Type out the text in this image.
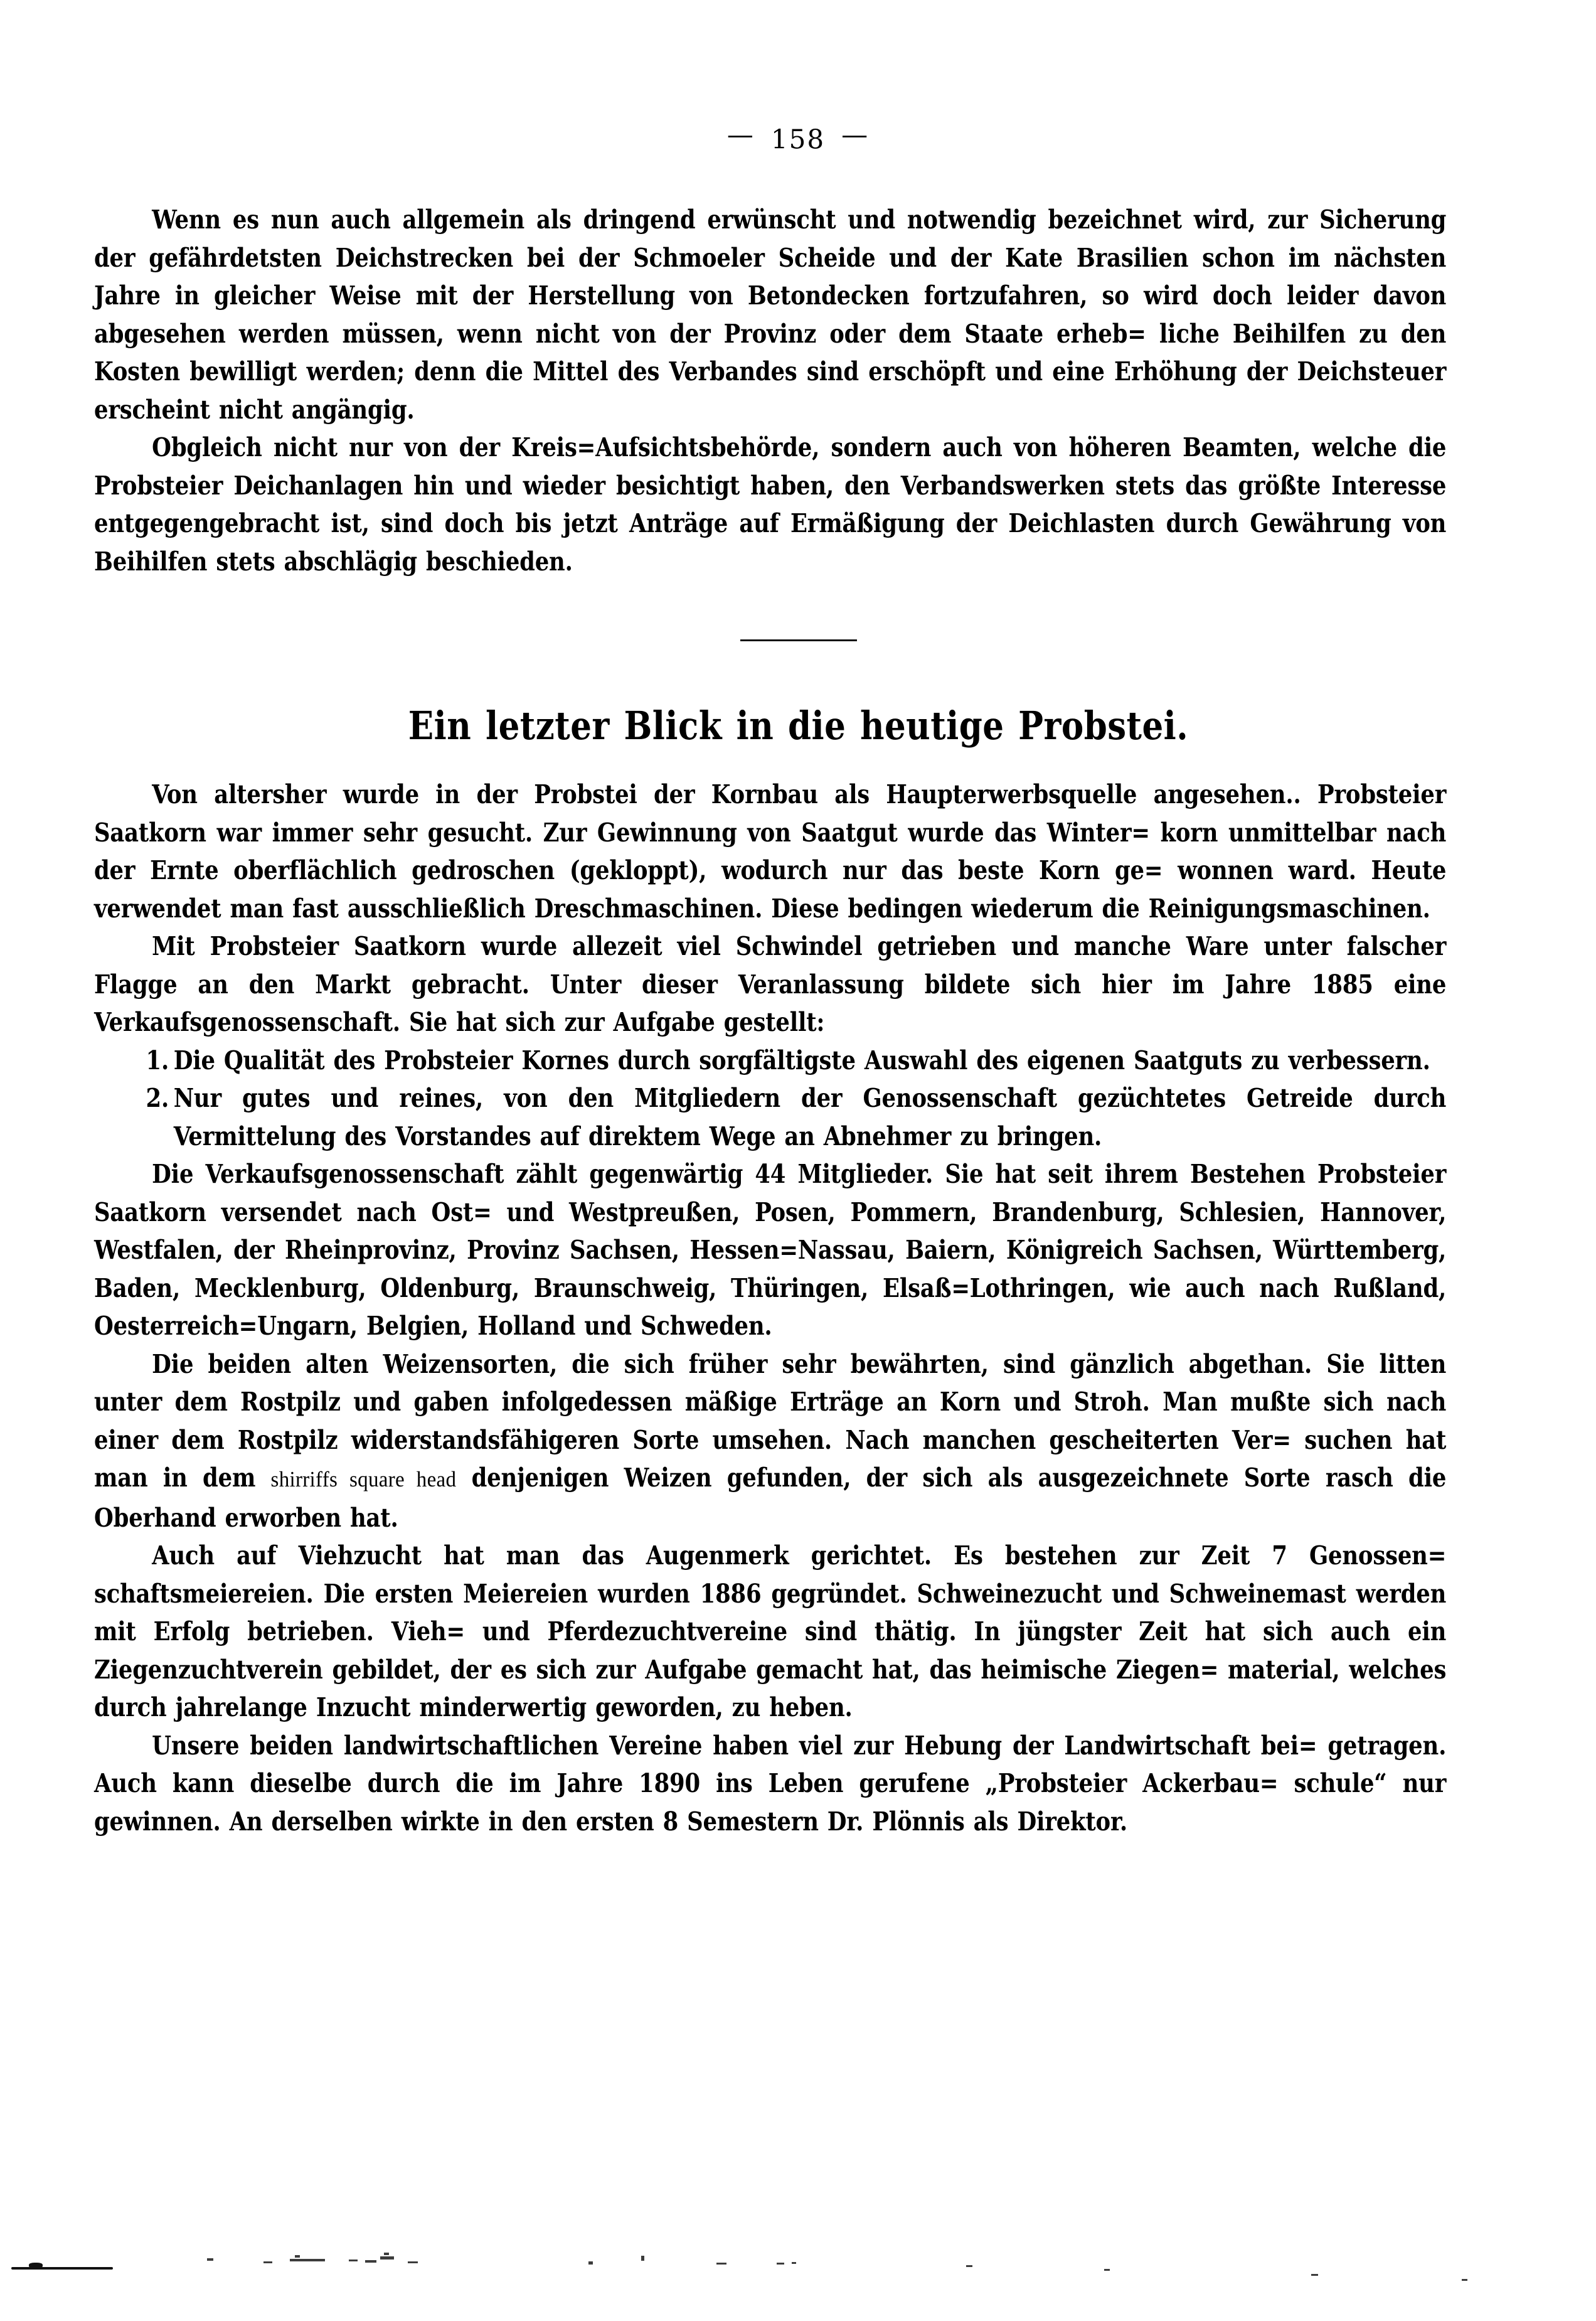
— 158 —

Wenn es nun auch allgemein als dringend erwünscht und notwendig bezeichnet wird, zur Sicherung der gefährdetsten Deichstrecken bei der Schmoeler Scheide und der Kate Brasilien schon im nächsten Jahre in gleicher Weise mit der Herstellung von Betondecken fortzufahren, so wird doch leider davon abgesehen werden müssen, wenn nicht von der Provinz oder dem Staate erheb= liche Beihilfen zu den Kosten bewilligt werden; denn die Mittel des Verbandes sind erschöpft und eine Erhöhung der Deichsteuer erscheint nicht angängig.

Obgleich nicht nur von der Kreis=Aufsichtsbehörde, sondern auch von höheren Beamten, welche die Probsteier Deichanlagen hin und wieder besichtigt haben, den Verbandswerken stets das größte Interesse entgegengebracht ist, sind doch bis jetzt Anträge auf Ermäßigung der Deichlasten durch Gewährung von Beihilfen stets abschlägig beschieden.

Ein letzter Blick in die heutige Probstei.

Von altersher wurde in der Probstei der Kornbau als Haupterwerbsquelle angesehen.. Probsteier Saatkorn war immer sehr gesucht. Zur Gewinnung von Saatgut wurde das Winter= korn unmittelbar nach der Ernte oberflächlich gedroschen (gekloppt), wodurch nur das beste Korn ge= wonnen ward. Heute verwendet man fast ausschließlich Dreschmaschinen. Diese bedingen wiederum die Reinigungsmaschinen.

Mit Probsteier Saatkorn wurde allezeit viel Schwindel getrieben und manche Ware unter falscher Flagge an den Markt gebracht. Unter dieser Veranlassung bildete sich hier im Jahre 1885 eine Verkaufsgenossenschaft. Sie hat sich zur Aufgabe gestellt:

1. Die Qualität des Probsteier Kornes durch sorgfältigste Auswahl des eigenen Saatguts zu verbessern.
2. Nur gutes und reines, von den Mitgliedern der Genossenschaft gezüchtetes Getreide durch Vermittelung des Vorstandes auf direktem Wege an Abnehmer zu bringen.

Die Verkaufsgenossenschaft zählt gegenwärtig 44 Mitglieder. Sie hat seit ihrem Bestehen Probsteier Saatkorn versendet nach Ost= und Westpreußen, Posen, Pommern, Brandenburg, Schlesien, Hannover, Westfalen, der Rheinprovinz, Provinz Sachsen, Hessen=Nassau, Baiern, Königreich Sachsen, Württemberg, Baden, Mecklenburg, Oldenburg, Braunschweig, Thüringen, Elsaß=Lothringen, wie auch nach Rußland, Oesterreich=Ungarn, Belgien, Holland und Schweden.

Die beiden alten Weizensorten, die sich früher sehr bewährten, sind gänzlich abgethan. Sie litten unter dem Rostpilz und gaben infolgedessen mäßige Erträge an Korn und Stroh. Man mußte sich nach einer dem Rostpilz widerstandsfähigeren Sorte umsehen. Nach manchen gescheiterten Ver= suchen hat man in dem shirriffs square head denjenigen Weizen gefunden, der sich als ausgezeichnete Sorte rasch die Oberhand erworben hat.

Auch auf Viehzucht hat man das Augenmerk gerichtet. Es bestehen zur Zeit 7 Genossen= schaftsmeiereien. Die ersten Meiereien wurden 1886 gegründet. Schweinezucht und Schweinemast werden mit Erfolg betrieben. Vieh= und Pferdezuchtvereine sind thätig. In jüngster Zeit hat sich auch ein Ziegenzuchtverein gebildet, der es sich zur Aufgabe gemacht hat, das heimische Ziegen= material, welches durch jahrelange Inzucht minderwertig geworden, zu heben.

Unsere beiden landwirtschaftlichen Vereine haben viel zur Hebung der Landwirtschaft bei= getragen. Auch kann dieselbe durch die im Jahre 1890 ins Leben gerufene „Probsteier Ackerbau= schule“ nur gewinnen. An derselben wirkte in den ersten 8 Semestern Dr. Plönnis als Direktor.
